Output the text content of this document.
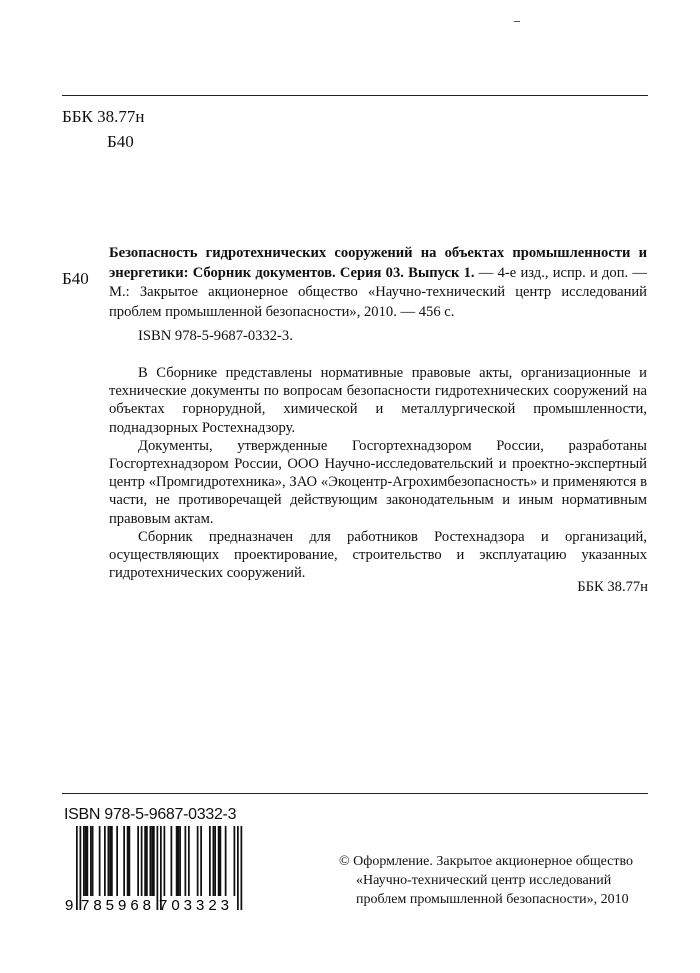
ББК 38.77н
Б40
Б40
Безопасность гидротехнических сооружений на объектах промышленности и энергетики: Сборник документов. Серия 03. Выпуск 1. — 4-е изд., испр. и доп. — М.: Закрытое акционерное общество «Научно-технический центр исследований проблем промышленной безопасности», 2010. — 456 с.
ISBN 978-5-9687-0332-3.

В Сборнике представлены нормативные правовые акты, организационные и технические документы по вопросам безопасности гидротехнических сооружений на объектах горнорудной, химической и металлургической промышленности, поднадзорных Ростехнадзору.

Документы, утвержденные Госгортехнадзором России, разработаны Госгортехнадзором России, ООО Научно-исследовательский и проектно-экспертный центр «Промгидротехника», ЗАО «Экоцентр-Агрохимбезопасность» и применяются в части, не противоречащей действующим законодательным и иным нормативным правовым актам.

Сборник предназначен для работников Ростехнадзора и организаций, осуществляющих проектирование, строительство и эксплуатацию указанных гидротехнических сооружений.

ББК 38.77н
ISBN 978-5-9687-0332-3
9 785968 703323
© Оформление. Закрытое акционерное общество
«Научно-технический центр исследований
проблем промышленной безопасности», 2010
